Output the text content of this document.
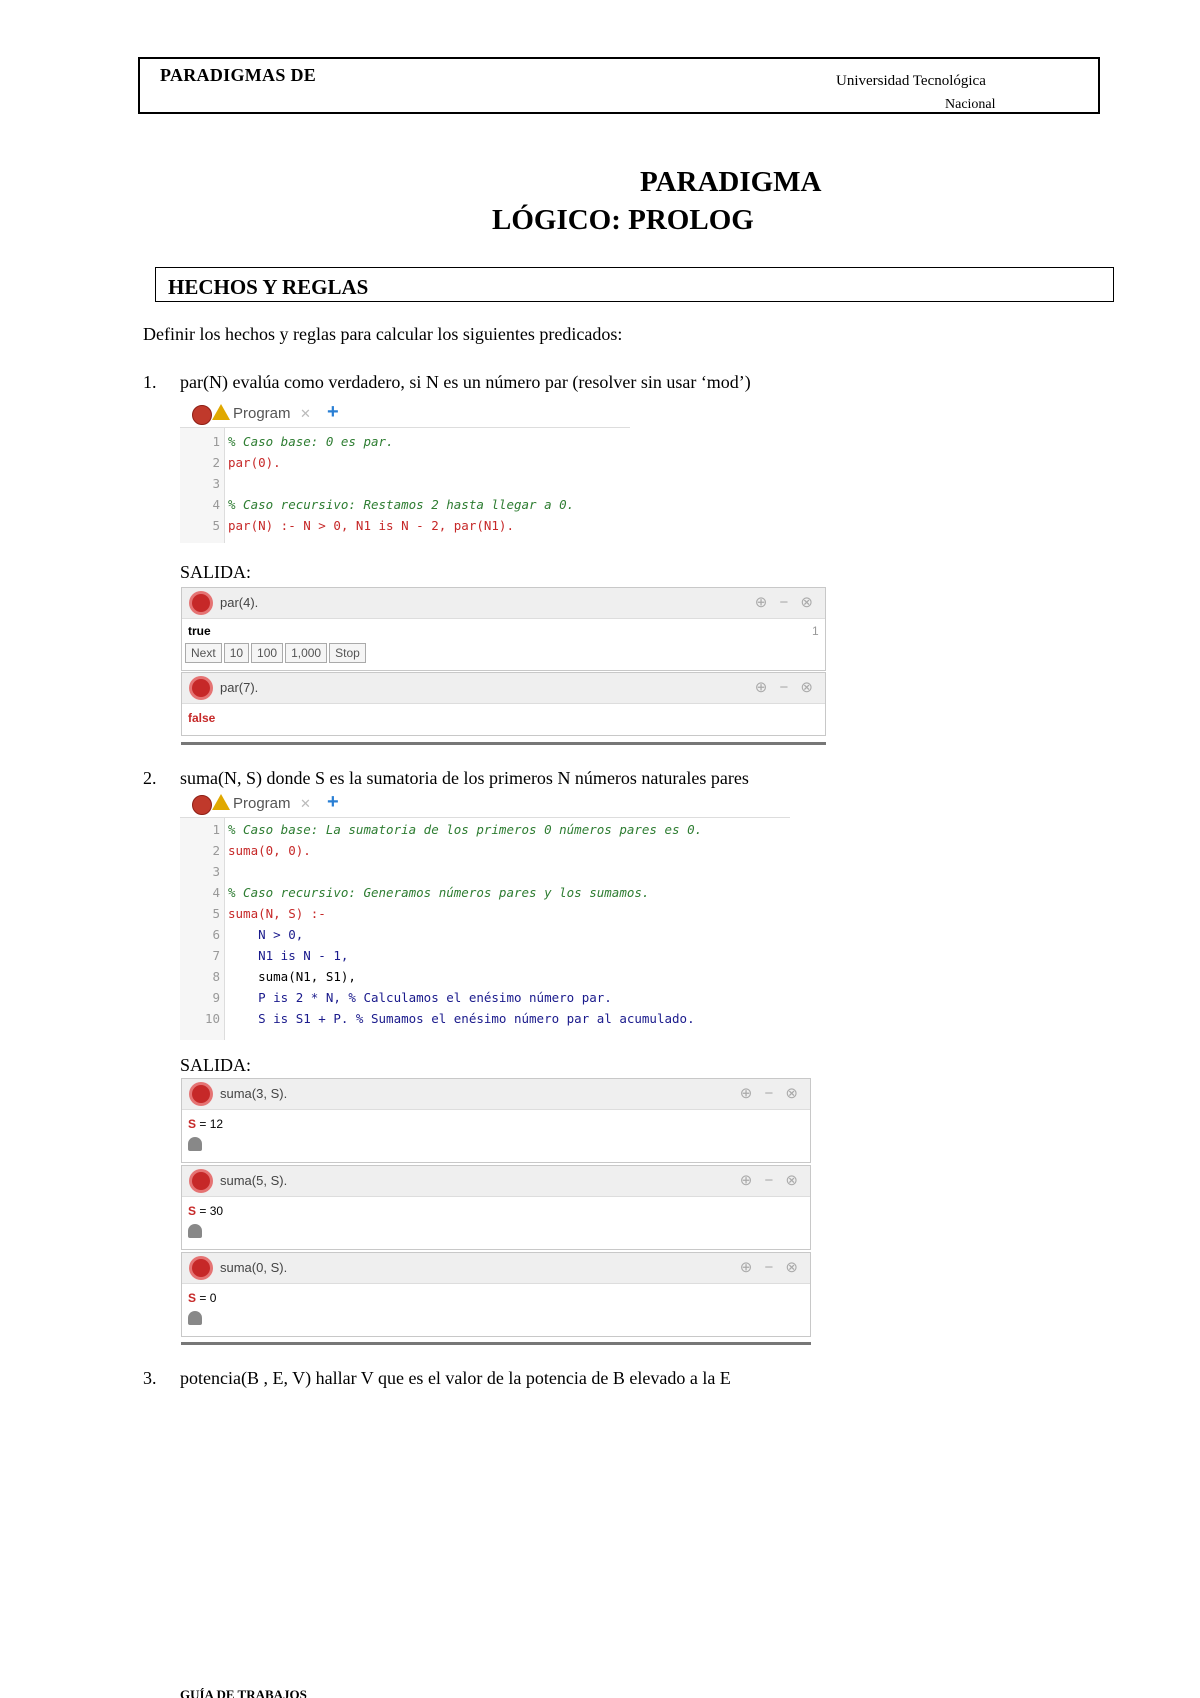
PARADIGMAS DE	Universidad Tecnológica
Nacional
PARADIGMA
LÓGICO: PROLOG
HECHOS Y REGLAS
Definir los hechos y reglas para calcular los siguientes predicados:
1. par(N) evalúa como verdadero, si N es un número par (resolver sin usar ‘mod’)
Program ✕ +
1 % Caso base: 0 es par.
2 par(0).
3
4 % Caso recursivo: Restamos 2 hasta llegar a 0.
5 par(N) :- N > 0, N1 is N - 2, par(N1).
SALIDA:
par(4).	⊕ − ⊗
true	1
Next 10 100 1,000 Stop
par(7).	⊕ − ⊗
false
2. suma(N, S) donde S es la sumatoria de los primeros N números naturales pares
Program ✕ +
1 % Caso base: La sumatoria de los primeros 0 números pares es 0.
2 suma(0, 0).
3
4 % Caso recursivo: Generamos números pares y los sumamos.
5 suma(N, S) :-
6 N > 0,
7 N1 is N - 1,
8 suma(N1, S1),
9 P is 2 * N, % Calculamos el enésimo número par.
10 S is S1 + P. % Sumamos el enésimo número par al acumulado.
SALIDA:
suma(3, S).	⊕ − ⊗
S = 12
suma(5, S).	⊕ − ⊗
S = 30
suma(0, S).	⊕ − ⊗
S = 0
3. potencia(B , E, V) hallar V que es el valor de la potencia de B elevado a la E
GUÍA DE TRABAJOS
